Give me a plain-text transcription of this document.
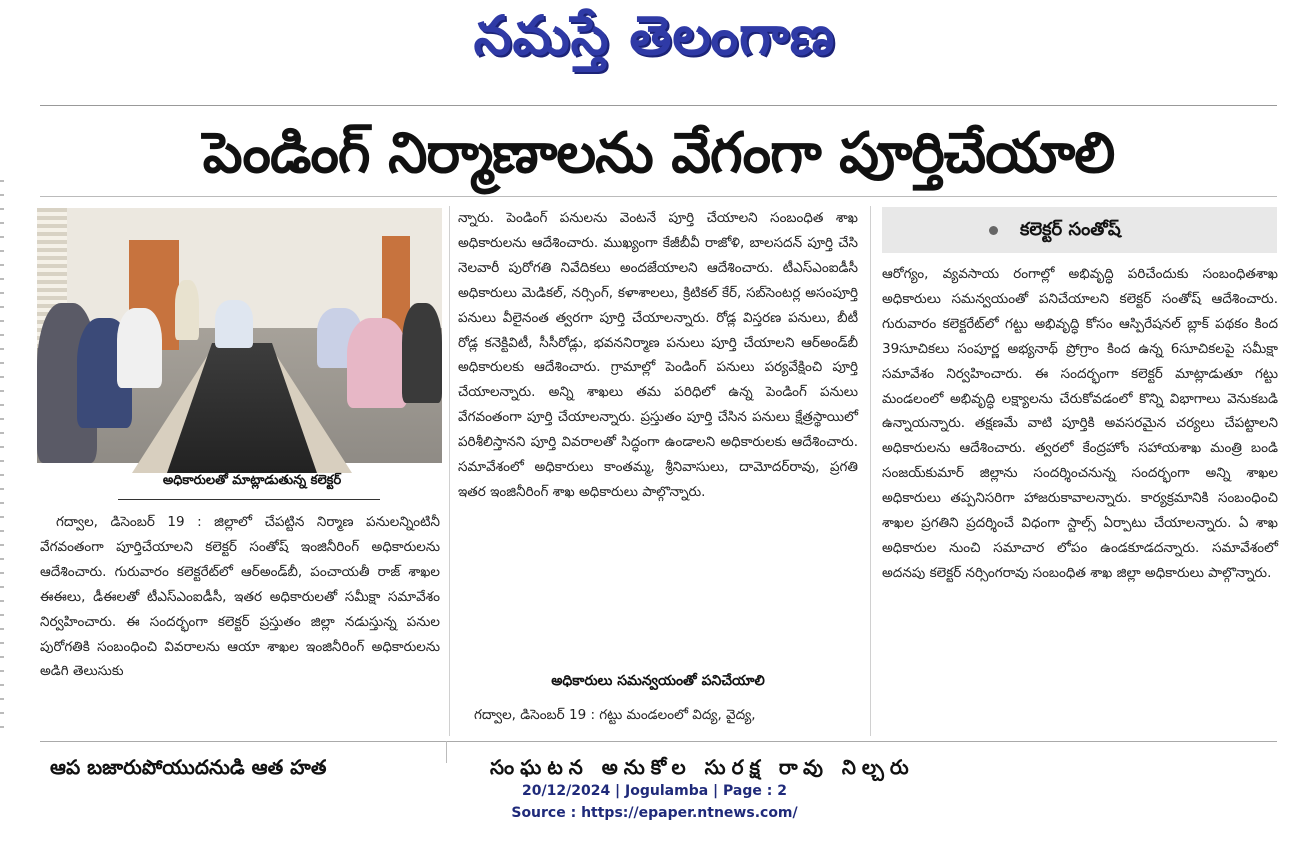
నమస్తే తెలంగాణ
పెండింగ్ నిర్మాణాలను వేగంగా పూర్తిచేయాలి
అధికారులతో మాట్లాడుతున్న కలెక్టర్

గద్వాల, డిసెంబర్ 19 : జిల్లాలో చేపట్టిన నిర్మాణ పనులన్నింటినీ వేగవంతంగా పూర్తిచేయాలని కలెక్టర్ సంతోష్ ఇంజినీరింగ్ అధికారులను ఆదేశించారు. గురువారం కలెక్టరేట్‌లో ఆర్‌అండ్‌బీ, పంచాయతీ రాజ్ శాఖల ఈఈలు, డీఈలతో టీఎస్‌ఎంఐడీసీ, ఇతర అధికారులతో సమీక్షా సమావేశం నిర్వహించారు. ఈ సందర్భంగా కలెక్టర్ ప్రస్తుతం జిల్లా నడుస్తున్న పనుల పురోగతికి సంబంధించి వివరాలను ఆయా శాఖల ఇంజినీరింగ్ అధికారులను అడిగి తెలుసుకు

న్నారు. పెండింగ్ పనులను వెంటనే పూర్తి చేయాలని సంబంధిత శాఖ అధికారులను ఆదేశించారు. ముఖ్యంగా కేజీబీవీ రాజోళి, బాలసదన్ పూర్తి చేసి నెలవారీ పురోగతి నివేదికలు అందజేయాలని ఆదేశించారు. టీఎస్‌ఎంఐడీసీ అధికారులు మెడికల్, నర్సింగ్, కళాశాలలు, క్రిటికల్ కేర్, సబ్‌సెంటర్ల అసంపూర్తి పనులు వీలైనంత త్వరగా పూర్తి చేయాలన్నారు. రోడ్ల విస్తరణ పనులు, బీటీ రోడ్ల కనెక్టివిటీ, సీసీరోడ్లు, భవననిర్మాణ పనులు పూర్తి చేయాలని ఆర్‌అండ్‌బీ అధికారులకు ఆదేశించారు. గ్రామాల్లో పెండింగ్ పనులు పర్యవేక్షించి పూర్తి చేయాలన్నారు. అన్ని శాఖలు తమ పరిధిలో ఉన్న పెండింగ్ పనులు వేగవంతంగా పూర్తి చేయాలన్నారు. ప్రస్తుతం పూర్తి చేసిన పనులు క్షేత్రస్థాయిలో పరిశీలిస్తానని పూర్తి వివరాలతో సిద్ధంగా ఉండాలని అధికారులకు ఆదేశించారు. సమావేశంలో అధికారులు కాంతమ్మ, శ్రీనివాసులు, దామోదర్‌రావు, ప్రగతి ఇతర ఇంజినీరింగ్ శాఖ అధికారులు పాల్గొన్నారు.

అధికారులు సమన్వయంతో పనిచేయాలి
గద్వాల, డిసెంబర్ 19 : గట్టు మండలంలో విద్య, వైద్య,
కలెక్టర్ సంతోష్

ఆరోగ్యం, వ్యవసాయ రంగాల్లో అభివృద్ధి పరిచేందుకు సంబంధితశాఖ అధికారులు సమన్వయంతో పనిచేయాలని కలెక్టర్ సంతోష్ ఆదేశించారు. గురువారం కలెక్టరేట్‌లో గట్టు అభివృద్ధి కోసం ఆస్పిరేషనల్ బ్లాక్ పథకం కింద 39సూచికలు సంపూర్ణ అభ్యనాథ్ ప్రోగ్రాం కింద ఉన్న 6సూచికలపై సమీక్షా సమావేశం నిర్వహించారు. ఈ సందర్భంగా కలెక్టర్ మాట్లాడుతూ గట్టు మండలంలో అభివృద్ధి లక్ష్యాలను చేరుకోవడంలో కొన్ని విభాగాలు వెనుకబడి ఉన్నాయన్నారు. తక్షణమే వాటి పూర్తికి అవసరమైన చర్యలు చేపట్టాలని అధికారులను ఆదేశించారు. త్వరలో కేంద్రహోం సహాయశాఖ మంత్రి బండి సంజయ్‌కుమార్ జిల్లాను సందర్శించనున్న సందర్భంగా అన్ని శాఖల అధికారులు తప్పనిసరిగా హాజరుకావాలన్నారు. కార్యక్రమానికి సంబంధించి శాఖల ప్రగతిని ప్రదర్శించే విధంగా స్టాల్స్ ఏర్పాటు చేయాలన్నారు. ఏ శాఖ అధికారుల నుంచి సమాచార లోపం ఉండకూడదన్నారు. సమావేశంలో అదనపు కలెక్టర్ నర్సింగరావు సంబంధిత శాఖ జిల్లా అధికారులు పాల్గొన్నారు.

ఆప బజారుపోయుదనుడి ఆత హత	సంఘటన అనుకోల సురక్ష రావు నిల్చరు
20/12/2024 | Jogulamba | Page : 2
Source : https://epaper.ntnews.com/
